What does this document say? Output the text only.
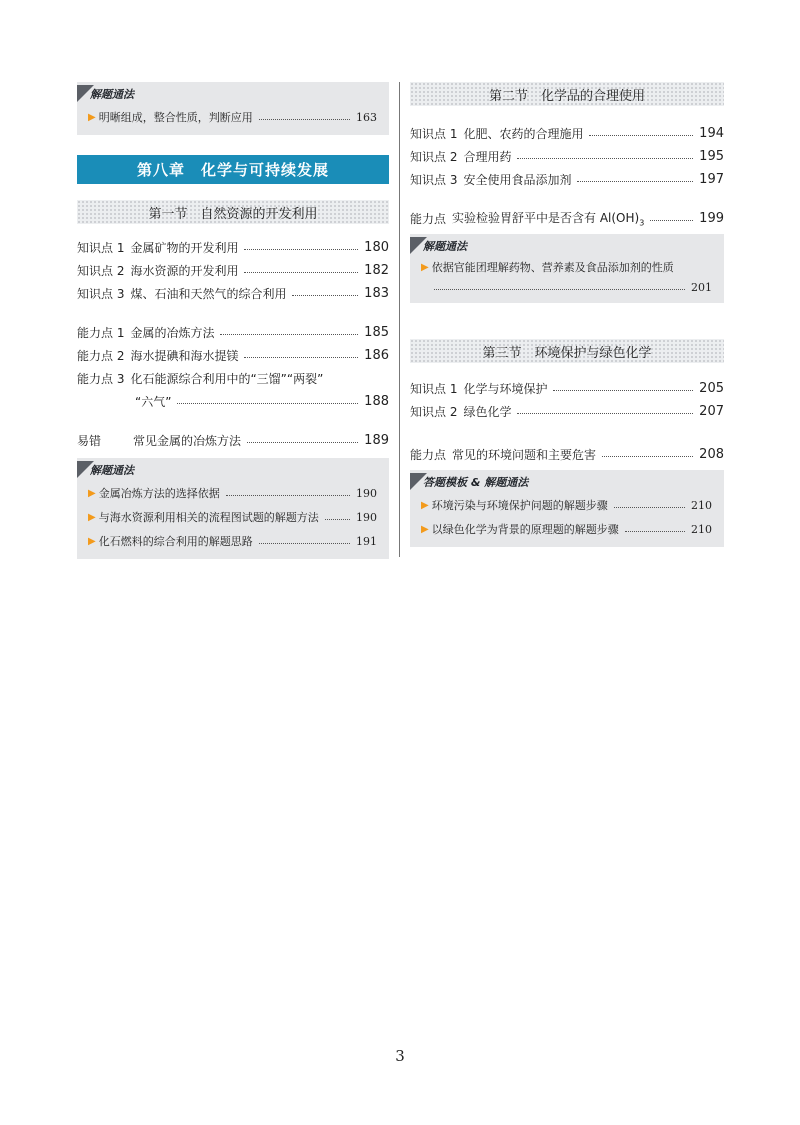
解题通法
▶ 明晰组成，整合性质，判断应用	163
第八章　化学与可持续发展
第一节　自然资源的开发利用
知识点 1 金属矿物的开发利用	180
知识点 2 海水资源的开发利用	182
知识点 3 煤、石油和天然气的综合利用	183
能力点 1 金属的冶炼方法	185
能力点 2 海水提碘和海水提镁	186
能力点 3 化石能源综合利用中的“三馏”“两裂”
“六气”	188
易错	常见金属的冶炼方法	189
解题通法
▶ 金属冶炼方法的选择依据	190
▶ 与海水资源利用相关的流程图试题的解题方法	190
▶ 化石燃料的综合利用的解题思路	191
第二节　化学品的合理使用
知识点 1 化肥、农药的合理施用	194
知识点 2 合理用药	195
知识点 3 安全使用食品添加剂	197
能力点 实验检验胃舒平中是否含有 $Al(OH)_3$	199
解题通法
▶ 依据官能团理解药物、营养素及食品添加剂的性质
201
第三节　环境保护与绿色化学
知识点 1 化学与环境保护	205
知识点 2 绿色化学	207
能力点 常见的环境问题和主要危害	208
答题模板 & 解题通法
▶ 环境污染与环境保护问题的解题步骤	210
▶ 以绿色化学为背景的原理题的解题步骤	210
3
